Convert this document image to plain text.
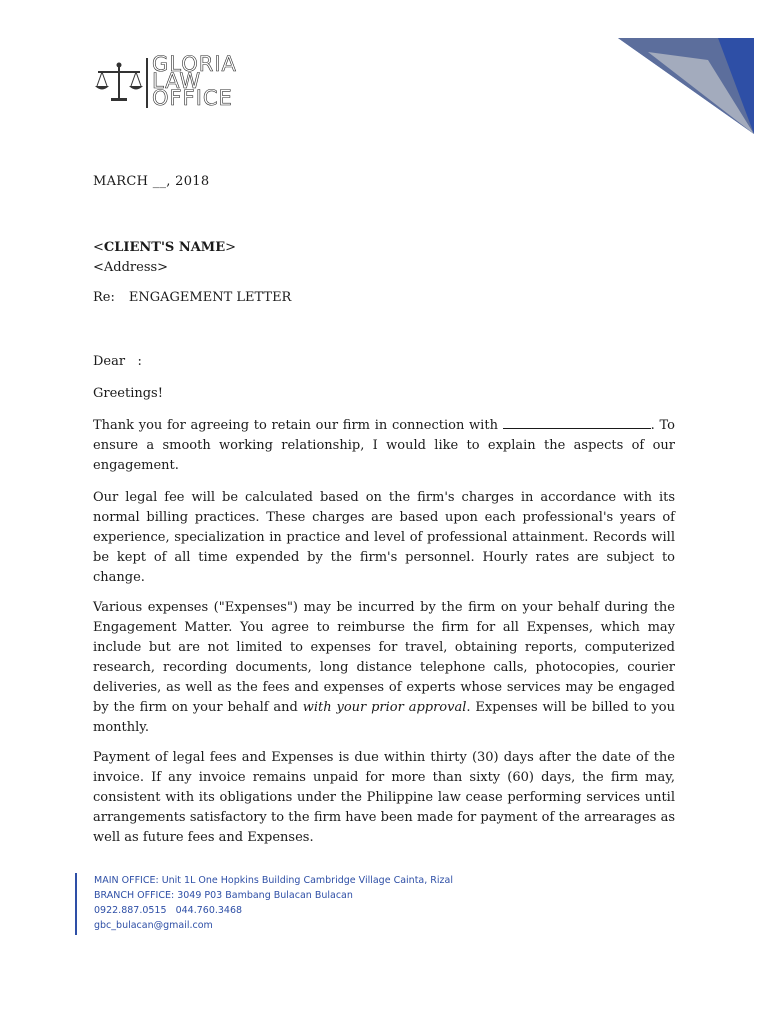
GLORIA
LAW
OFFICE
MARCH __, 2018
<CLIENT'S NAME>
<Address>
Re: ENGAGEMENT LETTER
Dear   :
Greetings!
Thank you for agreeing to retain our firm in connection with	. To ensure a smooth working relationship, I would like to explain the aspects of our engagement.
Our legal fee will be calculated based on the firm's charges in accordance with its normal billing practices. These charges are based upon each professional's years of experience, specialization in practice and level of professional attainment. Records will be kept of all time expended by the firm's personnel. Hourly rates are subject to change.
Various expenses ("Expenses") may be incurred by the firm on your behalf during the Engagement Matter. You agree to reimburse the firm for all Expenses, which may include but are not limited to expenses for travel, obtaining reports, computerized research, recording documents, long distance telephone calls, photocopies, courier deliveries, as well as the fees and expenses of experts whose services may be engaged by the firm on your behalf and with your prior approval. Expenses will be billed to you monthly.
Payment of legal fees and Expenses is due within thirty (30) days after the date of the invoice. If any invoice remains unpaid for more than sixty (60) days, the firm may, consistent with its obligations under the Philippine law cease performing services until arrangements satisfactory to the firm have been made for payment of the arrearages as well as future fees and Expenses.
MAIN OFFICE: Unit 1L One Hopkins Building Cambridge Village Cainta, Rizal
BRANCH OFFICE: 3049 P03 Bambang Bulacan Bulacan
0922.887.0515   044.760.3468
gbc_bulacan@gmail.com
